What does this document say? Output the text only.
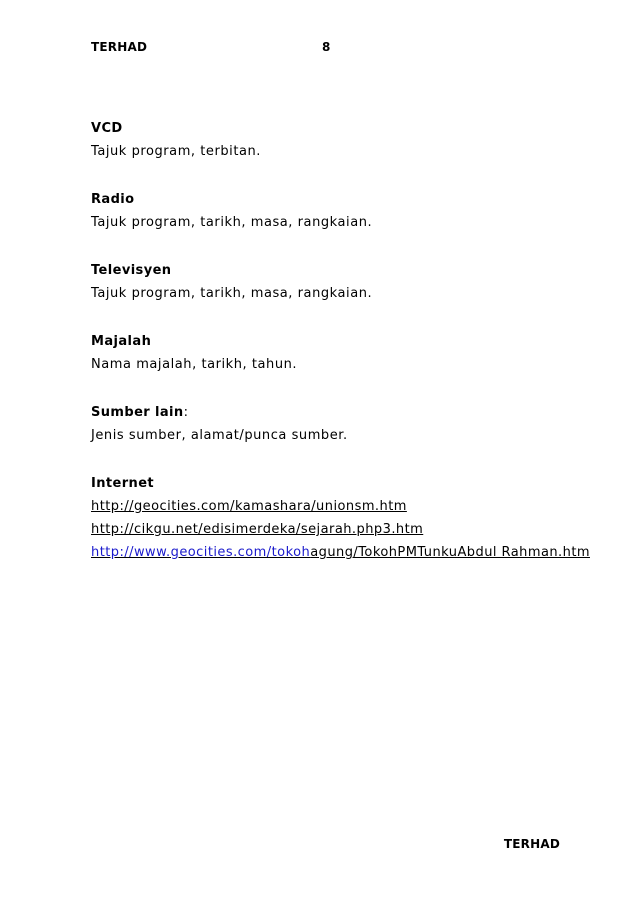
TERHAD	8
VCD
Tajuk program, terbitan.
Radio
Tajuk program, tarikh, masa, rangkaian.
Televisyen
Tajuk program, tarikh, masa, rangkaian.
Majalah
Nama majalah, tarikh, tahun.
Sumber lain:
Jenis sumber, alamat/punca sumber.
Internet
http://geocities.com/kamashara/unionsm.htm
http://cikgu.net/edisimerdeka/sejarah.php3.htm
http://www.geocities.com/tokohagung/TokohPMTunkuAbdul Rahman.htm
TERHAD
